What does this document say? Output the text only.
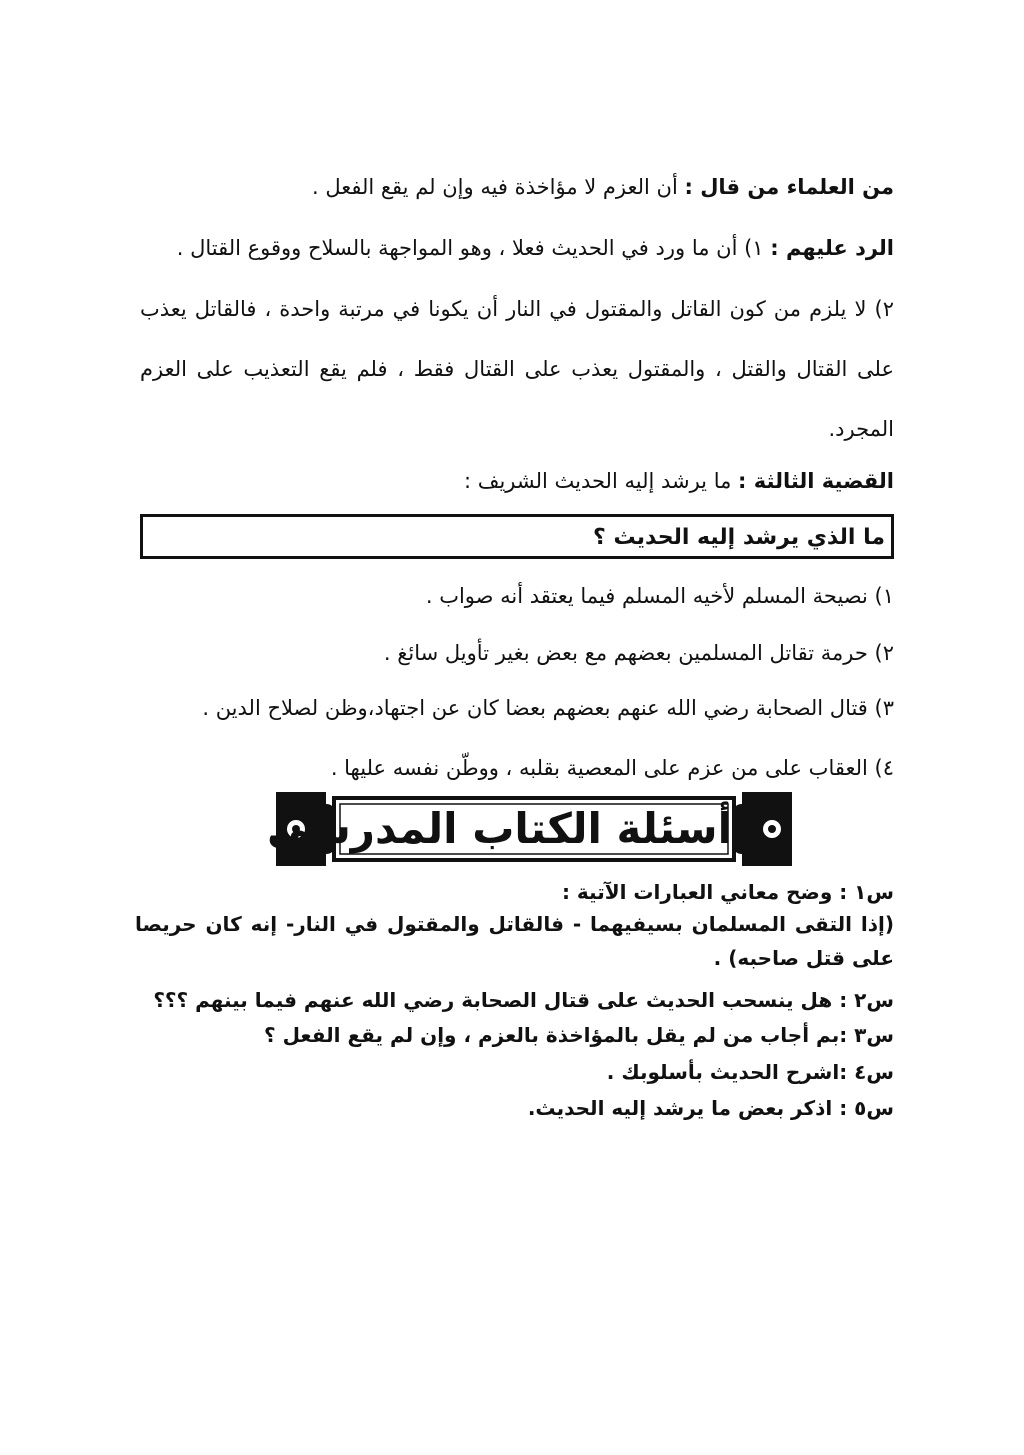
من العلماء من قال : أن العزم لا مؤاخذة فيه وإن لم يقع الفعل .
الرد عليهم : ١) أن ما ورد في الحديث فعلا ، وهو المواجهة بالسلاح ووقوع القتال .
٢) لا يلزم من كون القاتل والمقتول في النار أن يكونا في مرتبة واحدة ، فالقاتل يعذب
على القتال والقتل ، والمقتول يعذب على القتال فقط ، فلم يقع التعذيب على العزم
المجرد.
القضية الثالثة : ما يرشد إليه الحديث الشريف :
ما الذي يرشد إليه الحديث ؟
١) نصيحة المسلم لأخيه المسلم فيما يعتقد أنه صواب .
٢) حرمة تقاتل المسلمين بعضهم مع بعض بغير تأويل سائغ .
٣) قتال الصحابة رضي الله عنهم بعضهم بعضا كان عن اجتهاد،وظن لصلاح الدين .
٤) العقاب على من عزم على المعصية بقلبه ، ووطّن نفسه عليها .
أسئلة الكتاب المدرسي
س١ : وضح معاني العبارات الآتية :
(إذا التقى المسلمان بسيفيهما - فالقاتل والمقتول في النار- إنه كان حريصا
على قتل صاحبه) .
س٢ : هل ينسحب الحديث على قتال الصحابة رضي الله عنهم فيما بينهم ؟؟؟
س٣ :بم أجاب من لم يقل بالمؤاخذة بالعزم ، وإن لم يقع الفعل ؟
س٤ :اشرح الحديث بأسلوبك .
س٥ : اذكر بعض ما يرشد إليه الحديث.
